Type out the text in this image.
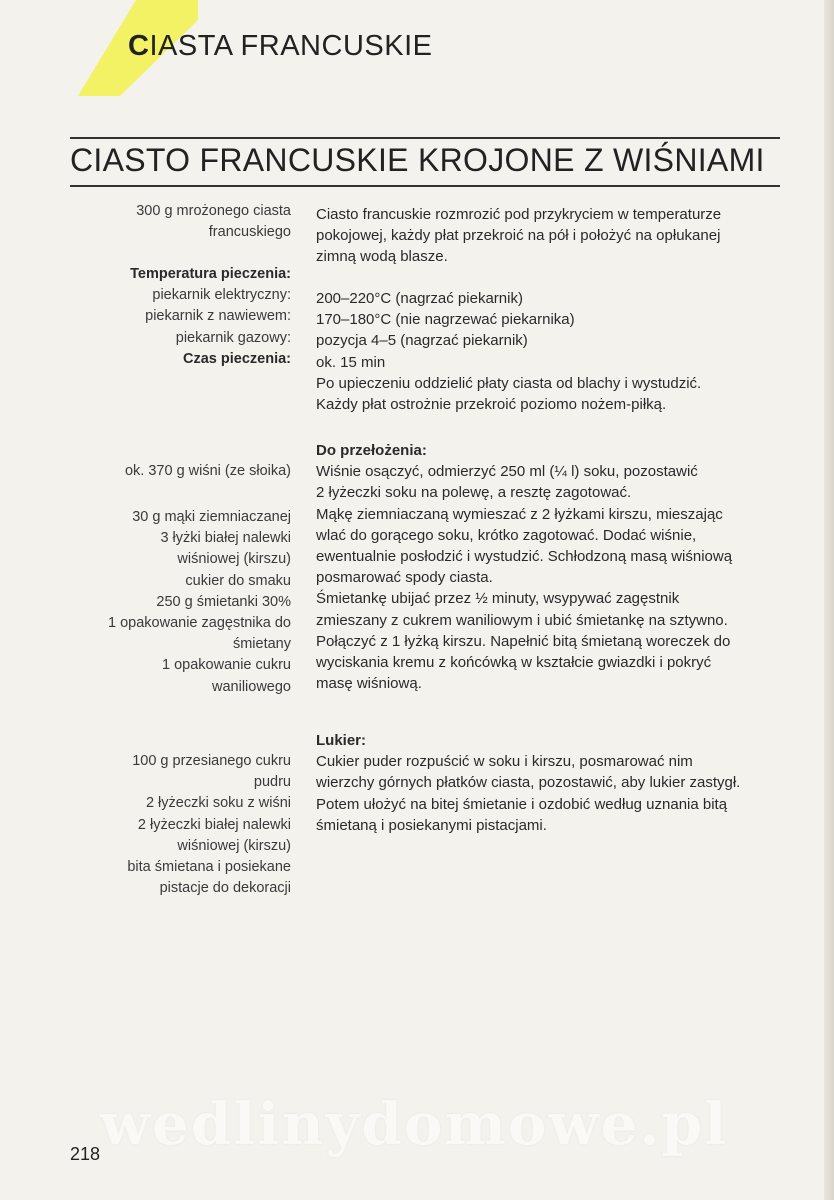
CIASTA FRANCUSKIE
CIASTO FRANCUSKIE KROJONE Z WIŚNIAMI
300 g mrożonego ciasta
francuskiego
Temperatura pieczenia:
piekarnik elektryczny:
piekarnik z nawiewem:
piekarnik gazowy:
Czas pieczenia:
ok. 370 g wiśni (ze słoika)
30 g mąki ziemniaczanej
3 łyżki białej nalewki
wiśniowej (kirszu)
cukier do smaku
250 g śmietanki 30%
1 opakowanie zagęstnika do
śmietany
1 opakowanie cukru
waniliowego
100 g przesianego cukru
pudru
2 łyżeczki soku z wiśni
2 łyżeczki białej nalewki
wiśniowej (kirszu)
bita śmietana i posiekane
pistacje do dekoracji
Ciasto francuskie rozmrozić pod przykryciem w temperaturze
pokojowej, każdy płat przekroić na pół i położyć na opłukanej
zimną wodą blasze.
200–220°C (nagrzać piekarnik)
170–180°C (nie nagrzewać piekarnika)
pozycja 4–5 (nagrzać piekarnik)
ok. 15 min
Po upieczeniu oddzielić płaty ciasta od blachy i wystudzić.
Każdy płat ostrożnie przekroić poziomo nożem-piłką.
Do przełożenia:
Wiśnie osączyć, odmierzyć 250 ml (¼ l) soku, pozostawić
2 łyżeczki soku na polewę, a resztę zagotować.
Mąkę ziemniaczaną wymieszać z 2 łyżkami kirszu, mieszając
wlać do gorącego soku, krótko zagotować. Dodać wiśnie,
ewentualnie posłodzić i wystudzić. Schłodzoną masą wiśniową
posmarować spody ciasta.
Śmietankę ubijać przez ½ minuty, wsypywać zagęstnik
zmieszany z cukrem waniliowym i ubić śmietankę na sztywno.
Połączyć z 1 łyżką kirszu. Napełnić bitą śmietaną woreczek do
wyciskania kremu z końcówką w kształcie gwiazdki i pokryć
masę wiśniową.
Lukier:
Cukier puder rozpuścić w soku i kirszu, posmarować nim
wierzchy górnych płatków ciasta, pozostawić, aby lukier zastygł.
Potem ułożyć na bitej śmietanie i ozdobić według uznania bitą
śmietaną i posiekanymi pistacjami.
wedlinydomowe.pl
218
